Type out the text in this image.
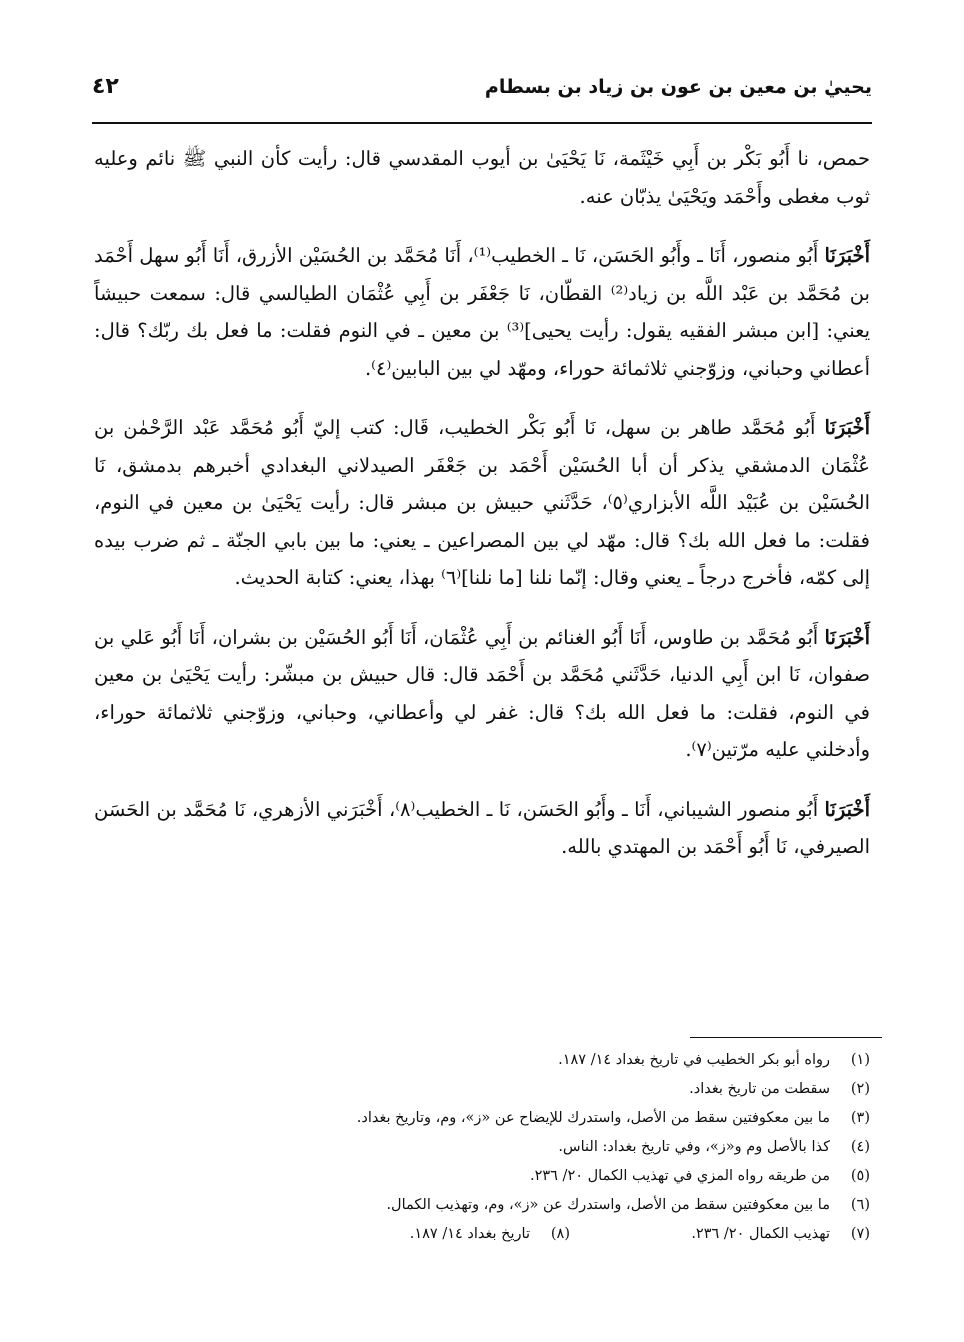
يحييٰ بن معين بن عون بن زياد بن بسطام
٤٢

حمص، نا أَبُو بَكْر بن أَبِي خَيْثَمة، نَا يَحْيَىٰ بن أيوب المقدسي قال: رأيت كأن النبي ﷺ نائم وعليه ثوب مغطى وأَحْمَد ويَحْيَىٰ يذبّان عنه.

أَخْبَرَنَا أَبُو منصور، أَنَا ـ وأَبُو الحَسَن، نَا ـ الخطيب⁽¹⁾، أَنَا مُحَمَّد بن الحُسَيْن الأزرق، أَنَا أَبُو سهل أَحْمَد بن مُحَمَّد بن عَبْد اللَّه بن زياد⁽²⁾ القطّان، نَا جَعْفَر بن أَبِي عُثْمَان الطيالسي قال: سمعت حبيشاً يعني: [ابن مبشر الفقيه يقول: رأيت يحيى]⁽³⁾ بن معين ـ في النوم فقلت: ما فعل بك ربّك؟ قال: أعطاني وحباني، وزوّجني ثلاثمائة حوراء، ومهّد لي بين البابين⁽٤⁾.

أَخْبَرَنَا أَبُو مُحَمَّد طاهر بن سهل، نَا أَبُو بَكْر الخطيب، قَال: كتب إليّ أَبُو مُحَمَّد عَبْد الرَّحْمٰن بن عُثْمَان الدمشقي يذكر أن أبا الحُسَيْن أَحْمَد بن جَعْفَر الصيدلاني البغدادي أخبرهم بدمشق، نَا الحُسَيْن بن عُبَيْد اللَّه الأبزاري⁽٥⁾، حَدَّثَني حبيش بن مبشر قال: رأيت يَحْيَىٰ بن معين في النوم، فقلت: ما فعل الله بك؟ قال: مهّد لي بين المصراعين ـ يعني: ما بين بابي الجنّة ـ ثم ضرب بيده إلى كمّه، فأخرج درجاً ـ يعني وقال: إنّما نلنا [ما نلنا]⁽٦⁾ بهذا، يعني: كتابة الحديث.

أَخْبَرَنَا أَبُو مُحَمَّد بن طاوس، أَنَا أَبُو الغنائم بن أَبِي عُثْمَان، أَنَا أَبُو الحُسَيْن بن بشران، أَنَا أَبُو عَلي بن صفوان، نَا ابن أَبِي الدنيا، حَدَّثَني مُحَمَّد بن أَحْمَد قال: قال حبيش بن مبشّر: رأيت يَحْيَىٰ بن معين في النوم، فقلت: ما فعل الله بك؟ قال: غفر لي وأعطاني، وحباني، وزوّجني ثلاثمائة حوراء، وأدخلني عليه مرّتين⁽٧⁾.

أَخْبَرَنَا أَبُو منصور الشيباني، أَنَا ـ وأَبُو الحَسَن، نَا ـ الخطيب⁽٨⁾، أَخْبَرَني الأزهري، نَا مُحَمَّد بن الحَسَن الصيرفي، نَا أَبُو أَحْمَد بن المهتدي بالله.

(١)
رواه أبو بكر الخطيب في تاريخ بغداد ١٤/ ١٨٧.
(٢)
سقطت من تاريخ بغداد.
(٣)
ما بين معكوفتين سقط من الأصل، واستدرك للإيضاح عن «ز»، وم، وتاريخ بغداد.
(٤)
كذا بالأصل وم و«ز»، وفي تاريخ بغداد: الناس.
(٥)
من طريقه رواه المزي في تهذيب الكمال ٢٠/ ٢٣٦.
(٦)
ما بين معكوفتين سقط من الأصل، واستدرك عن «ز»، وم، وتهذيب الكمال.
(٧)
تهذيب الكمال ٢٠/ ٢٣٦.
(٨)
تاريخ بغداد ١٤/ ١٨٧.
